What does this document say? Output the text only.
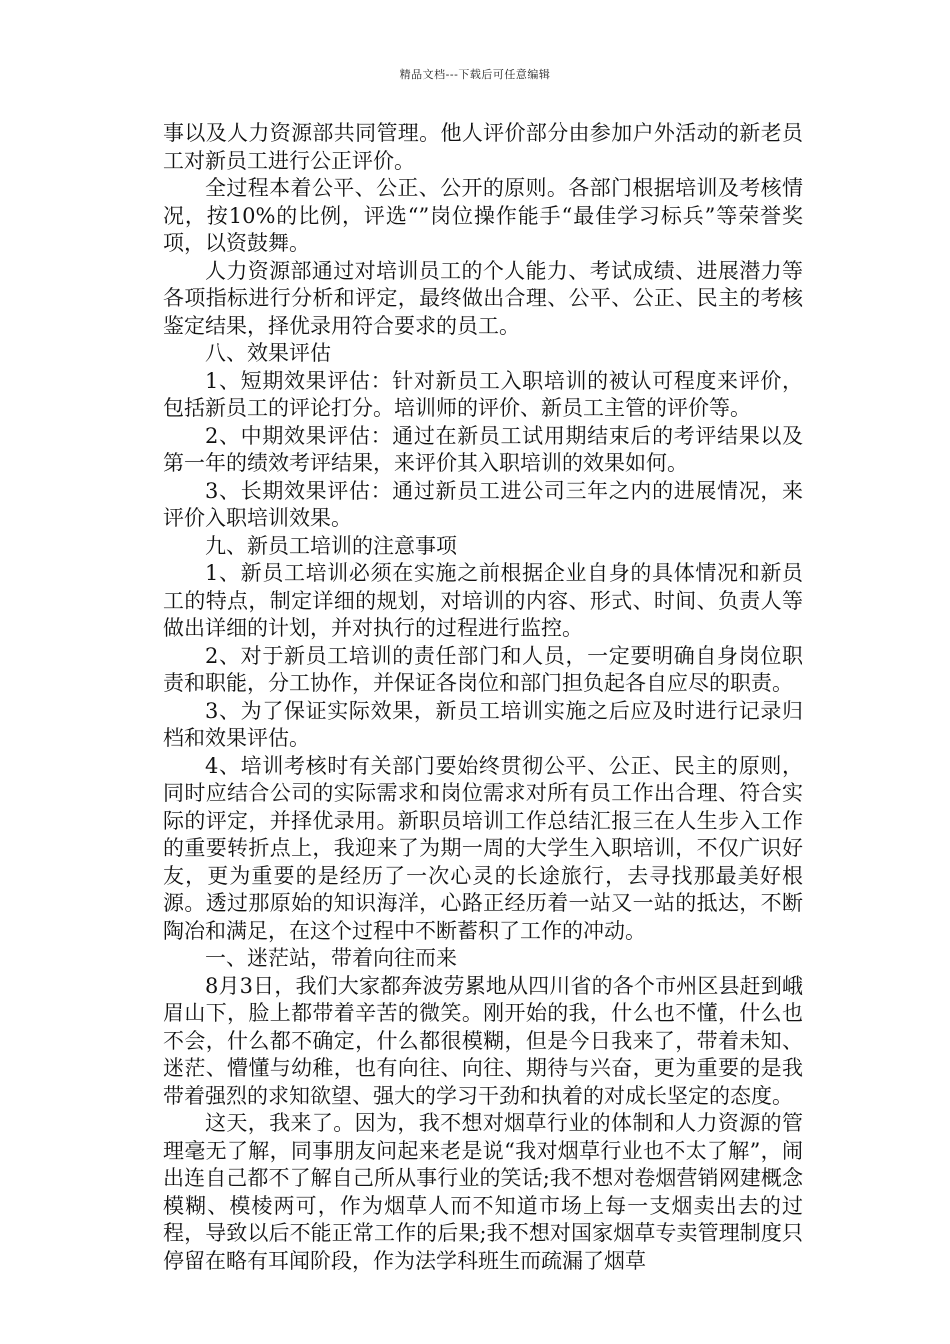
精品文档---下载后可任意编辑

事以及人力资源部共同管理。他人评价部分由参加户外活动的新老员工对新员工进行公正评价。

全过程本着公平、公正、公开的原则。各部门根据培训及考核情况，按10%的比例，评选“”岗位操作能手“最佳学习标兵”等荣誉奖项，以资鼓舞。

人力资源部通过对培训员工的个人能力、考试成绩、进展潜力等各项指标进行分析和评定，最终做出合理、公平、公正、民主的考核鉴定结果，择优录用符合要求的员工。

八、效果评估

1、短期效果评估：针对新员工入职培训的被认可程度来评价，包括新员工的评论打分。培训师的评价、新员工主管的评价等。

2、中期效果评估：通过在新员工试用期结束后的考评结果以及第一年的绩效考评结果，来评价其入职培训的效果如何。

3、长期效果评估：通过新员工进公司三年之内的进展情况，来评价入职培训效果。

九、新员工培训的注意事项

1、新员工培训必须在实施之前根据企业自身的具体情况和新员工的特点，制定详细的规划，对培训的内容、形式、时间、负责人等做出详细的计划，并对执行的过程进行监控。

2、对于新员工培训的责任部门和人员，一定要明确自身岗位职责和职能，分工协作，并保证各岗位和部门担负起各自应尽的职责。

3、为了保证实际效果，新员工培训实施之后应及时进行记录归档和效果评估。

4、培训考核时有关部门要始终贯彻公平、公正、民主的原则，同时应结合公司的实际需求和岗位需求对所有员工作出合理、符合实际的评定，并择优录用。新职员培训工作总结汇报三在人生步入工作的重要转折点上，我迎来了为期一周的大学生入职培训，不仅广识好友，更为重要的是经历了一次心灵的长途旅行，去寻找那最美好根源。透过那原始的知识海洋，心路正经历着一站又一站的抵达，不断陶冶和满足，在这个过程中不断蓄积了工作的冲动。

一、迷茫站，带着向往而来

8月3日，我们大家都奔波劳累地从四川省的各个市州区县赶到峨眉山下，脸上都带着辛苦的微笑。刚开始的我，什么也不懂，什么也不会，什么都不确定，什么都很模糊，但是今日我来了，带着未知、迷茫、懵懂与幼稚，也有向往、向往、期待与兴奋，更为重要的是我带着强烈的求知欲望、强大的学习干劲和执着的对成长坚定的态度。

这天，我来了。因为，我不想对烟草行业的体制和人力资源的管理毫无了解，同事朋友问起来老是说“我对烟草行业也不太了解”，闹出连自己都不了解自己所从事行业的笑话;我不想对卷烟营销网建概念模糊、模棱两可，作为烟草人而不知道市场上每一支烟卖出去的过程，导致以后不能正常工作的后果;我不想对国家烟草专卖管理制度只停留在略有耳闻阶段，作为法学科班生而疏漏了烟草
